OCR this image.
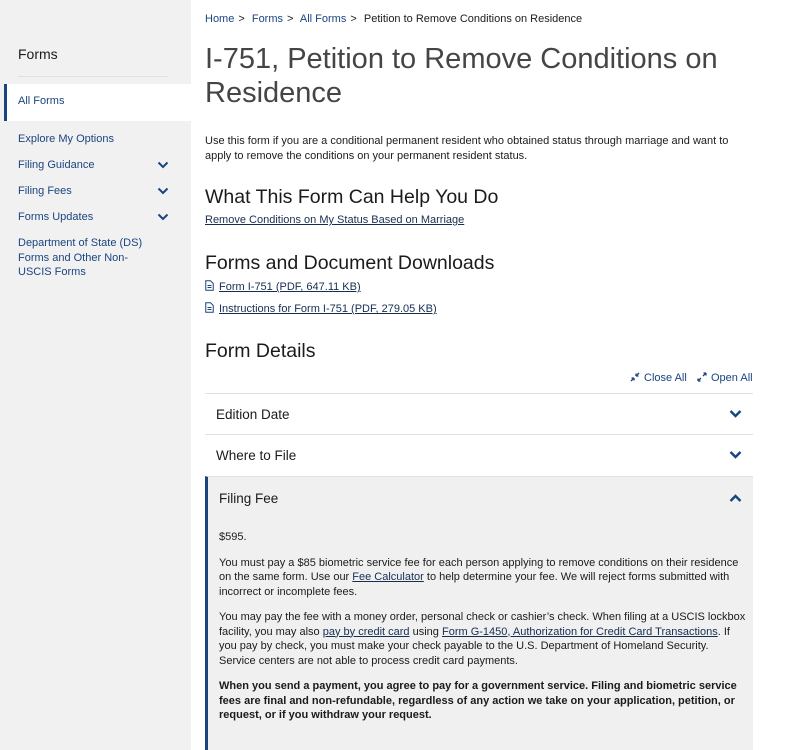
Forms
All Forms
Explore My Options
Filing Guidance
Filing Fees
Forms Updates
Department of State (DS) Forms and Other Non-USCIS Forms
Home > Forms > All Forms > Petition to Remove Conditions on Residence
I-751, Petition to Remove Conditions on Residence

Use this form if you are a conditional permanent resident who obtained status through marriage and want to apply to remove the conditions on your permanent resident status.

What This Form Can Help You Do
Remove Conditions on My Status Based on Marriage
Forms and Document Downloads
Form I-751 (PDF, 647.11 KB)
Instructions for Form I-751 (PDF, 279.05 KB)
Form Details
Close All	Open All
Edition Date
Where to File
Filing Fee

$595.

You must pay a $85 biometric service fee for each person applying to remove conditions on their residence on the same form. Use our Fee Calculator to help determine your fee. We will reject forms submitted with incorrect or incomplete fees.

You may pay the fee with a money order, personal check or cashier’s check. When filing at a USCIS lockbox facility, you may also pay by credit card using Form G-1450, Authorization for Credit Card Transactions. If you pay by check, you must make your check payable to the U.S. Department of Homeland Security. Service centers are not able to process credit card payments.

When you send a payment, you agree to pay for a government service. Filing and biometric service fees are final and non-refundable, regardless of any action we take on your application, petition, or request, or if you withdraw your request.
